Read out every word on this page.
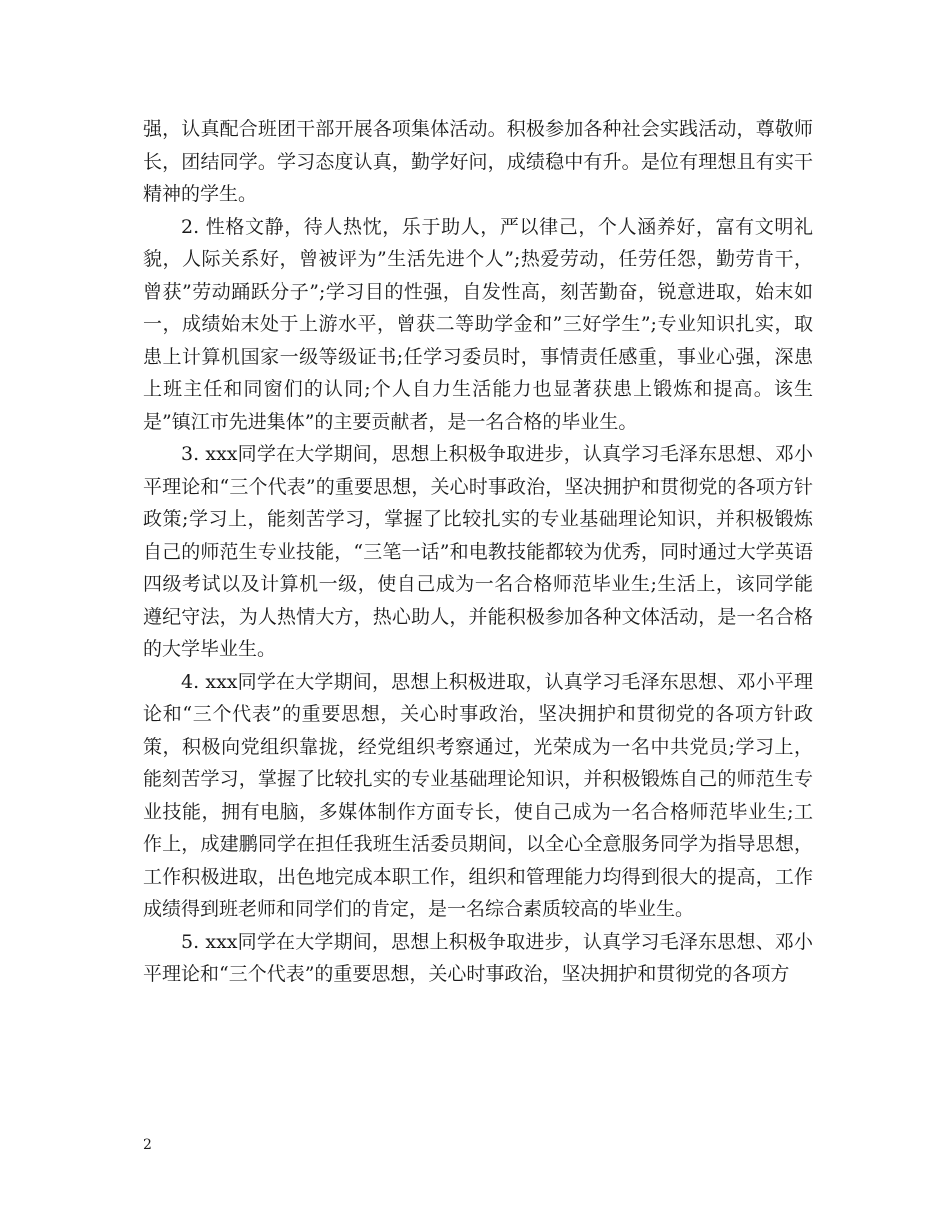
强，认真配合班团干部开展各项集体活动。积极参加各种社会实践活动，尊敬师长，团结同学。学习态度认真，勤学好问，成绩稳中有升。是位有理想且有实干精神的学生。

2. 性格文静，待人热忱，乐于助人，严以律己，个人涵养好，富有文明礼貌，人际关系好，曾被评为”生活先进个人”;热爱劳动，任劳任怨，勤劳肯干，曾获”劳动踊跃分子”;学习目的性强，自发性高，刻苦勤奋，锐意进取，始末如一，成绩始末处于上游水平，曾获二等助学金和”三好学生”;专业知识扎实，取患上计算机国家一级等级证书;任学习委员时，事情责任感重，事业心强，深患上班主任和同窗们的认同;个人自力生活能力也显著获患上锻炼和提高。该生是”镇江市先进集体”的主要贡献者，是一名合格的毕业生。

3. xxx同学在大学期间，思想上积极争取进步，认真学习毛泽东思想、邓小平理论和“三个代表”的重要思想，关心时事政治，坚决拥护和贯彻党的各项方针政策;学习上，能刻苦学习，掌握了比较扎实的专业基础理论知识，并积极锻炼自己的师范生专业技能，“三笔一话”和电教技能都较为优秀，同时通过大学英语四级考试以及计算机一级，使自己成为一名合格师范毕业生;生活上，该同学能遵纪守法，为人热情大方，热心助人，并能积极参加各种文体活动，是一名合格的大学毕业生。

4. xxx同学在大学期间，思想上积极进取，认真学习毛泽东思想、邓小平理论和“三个代表”的重要思想，关心时事政治，坚决拥护和贯彻党的各项方针政策，积极向党组织靠拢，经党组织考察通过，光荣成为一名中共党员;学习上，能刻苦学习，掌握了比较扎实的专业基础理论知识，并积极锻炼自己的师范生专业技能，拥有电脑，多媒体制作方面专长，使自己成为一名合格师范毕业生;工作上，成建鹏同学在担任我班生活委员期间，以全心全意服务同学为指导思想，工作积极进取，出色地完成本职工作，组织和管理能力均得到很大的提高，工作成绩得到班老师和同学们的肯定，是一名综合素质较高的毕业生。

5. xxx同学在大学期间，思想上积极争取进步，认真学习毛泽东思想、邓小平理论和“三个代表”的重要思想，关心时事政治，坚决拥护和贯彻党的各项方

2
